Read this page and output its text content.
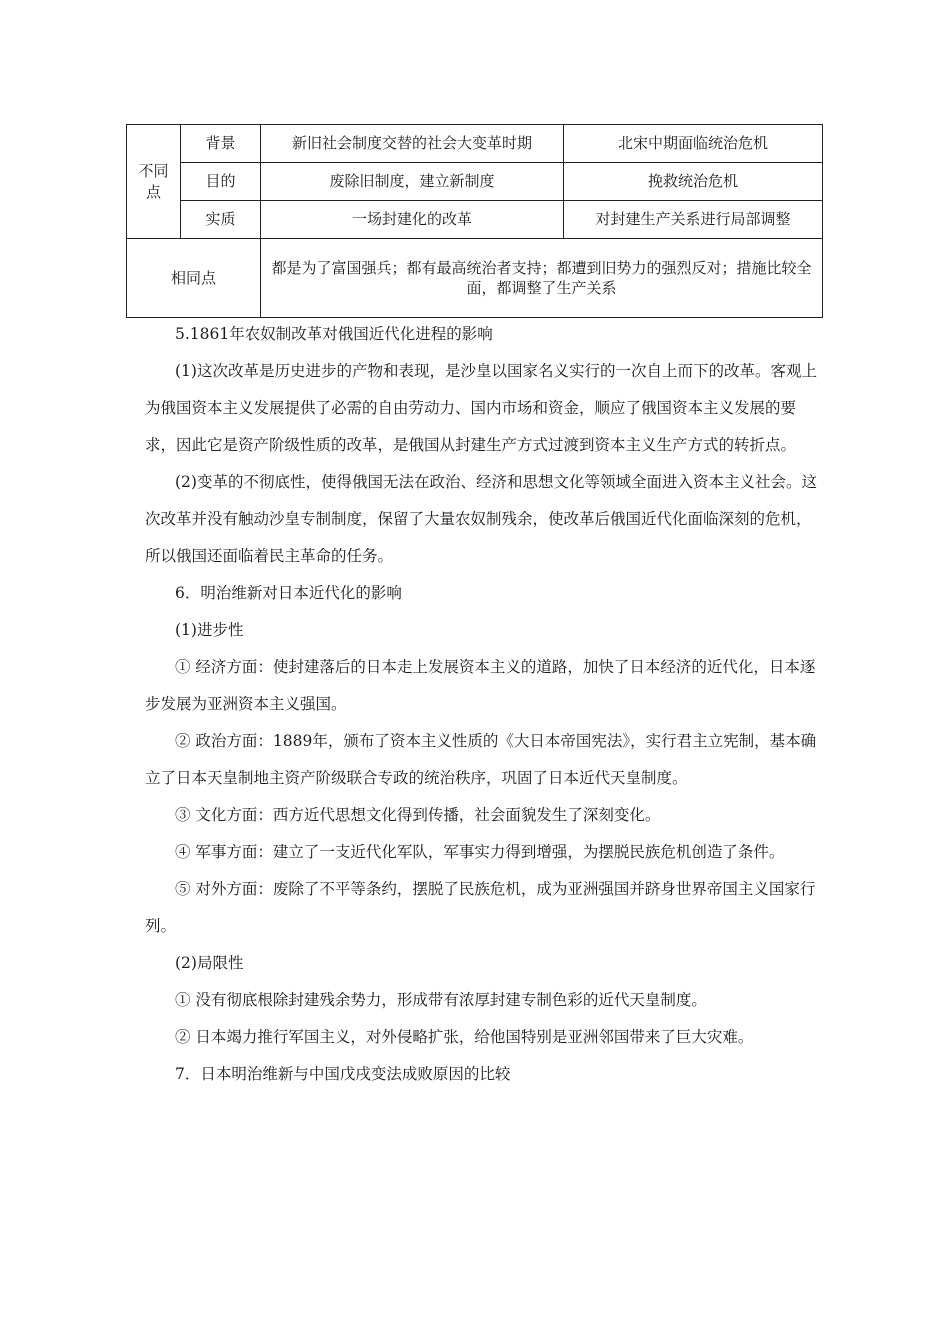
不同点	背景	新旧社会制度交替的社会大变革时期	北宋中期面临统治危机
	目的	废除旧制度，建立新制度	挽救统治危机
	实质	一场封建化的改革	对封建生产关系进行局部调整
相同点		都是为了富国强兵；都有最高统治者支持；都遭到旧势力的强烈反对；措施比较全面，都调整了生产关系	

5.1861年农奴制改革对俄国近代化进程的影响

(1)这次改革是历史进步的产物和表现，是沙皇以国家名义实行的一次自上而下的改革。客观上为俄国资本主义发展提供了必需的自由劳动力、国内市场和资金，顺应了俄国资本主义发展的要求，因此它是资产阶级性质的改革，是俄国从封建生产方式过渡到资本主义生产方式的转折点。

(2)变革的不彻底性，使得俄国无法在政治、经济和思想文化等领域全面进入资本主义社会。这次改革并没有触动沙皇专制制度，保留了大量农奴制残余，使改革后俄国近代化面临深刻的危机，所以俄国还面临着民主革命的任务。

6．明治维新对日本近代化的影响

(1)进步性

① 经济方面：使封建落后的日本走上发展资本主义的道路，加快了日本经济的近代化，日本逐步发展为亚洲资本主义强国。

② 政治方面：1889年，颁布了资本主义性质的《大日本帝国宪法》，实行君主立宪制，基本确立了日本天皇制地主资产阶级联合专政的统治秩序，巩固了日本近代天皇制度。

③ 文化方面：西方近代思想文化得到传播，社会面貌发生了深刻变化。

④ 军事方面：建立了一支近代化军队，军事实力得到增强，为摆脱民族危机创造了条件。

⑤ 对外方面：废除了不平等条约，摆脱了民族危机，成为亚洲强国并跻身世界帝国主义国家行列。

(2)局限性

① 没有彻底根除封建残余势力，形成带有浓厚封建专制色彩的近代天皇制度。

② 日本竭力推行军国主义，对外侵略扩张，给他国特别是亚洲邻国带来了巨大灾难。

7．日本明治维新与中国戊戌变法成败原因的比较
